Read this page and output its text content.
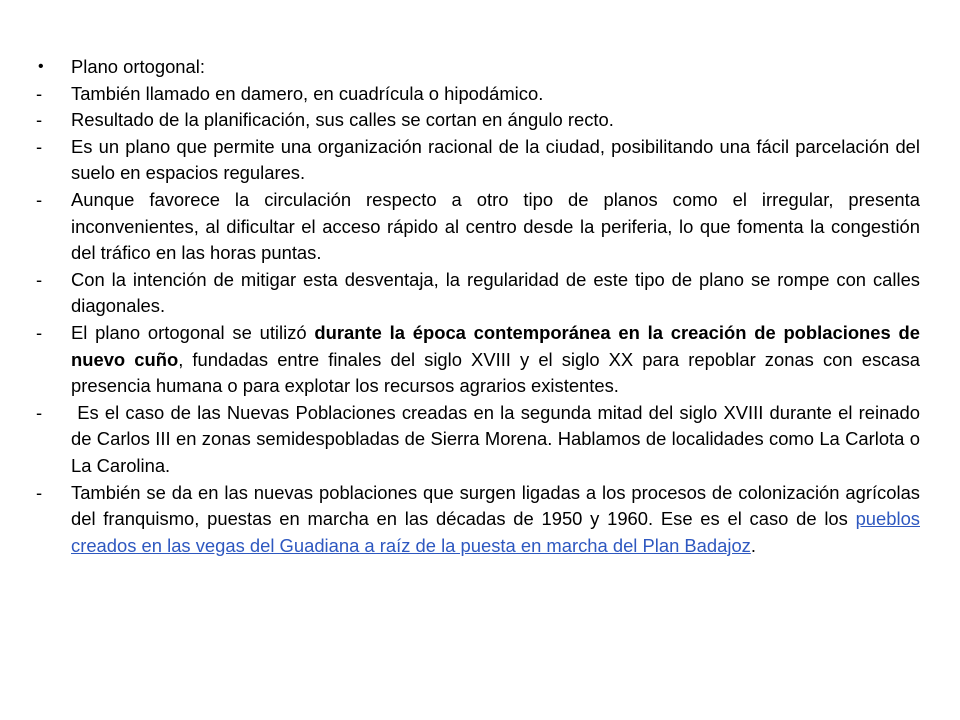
•	Plano ortogonal:
-	También llamado en damero, en cuadrícula o hipodámico.
-	Resultado de la planificación, sus calles se cortan en ángulo recto.
-	Es un plano que permite una organización racional de la ciudad, posibilitando una fácil parcelación del suelo en espacios regulares.
-	Aunque favorece la circulación respecto a otro tipo de planos como el irregular, presenta inconvenientes, al dificultar el acceso rápido al centro desde la periferia, lo que fomenta la congestión del tráfico en las horas puntas.
-	Con la intención de mitigar esta desventaja, la regularidad de este tipo de plano se rompe con calles diagonales.
-	El plano ortogonal se utilizó durante la época contemporánea en la creación de poblaciones de nuevo cuño, fundadas entre finales del siglo XVIII y el siglo XX para repoblar zonas con escasa presencia humana o para explotar los recursos agrarios existentes.
-	Es el caso de las Nuevas Poblaciones creadas en la segunda mitad del siglo XVIII durante el reinado de Carlos III en zonas semidespobladas de Sierra Morena. Hablamos de localidades como La Carlota o La Carolina.
-	También se da en las nuevas poblaciones que surgen ligadas a los procesos de colonización agrícolas del franquismo, puestas en marcha en las décadas de 1950 y 1960. Ese es el caso de los pueblos creados en las vegas del Guadiana a raíz de la puesta en marcha del Plan Badajoz.
